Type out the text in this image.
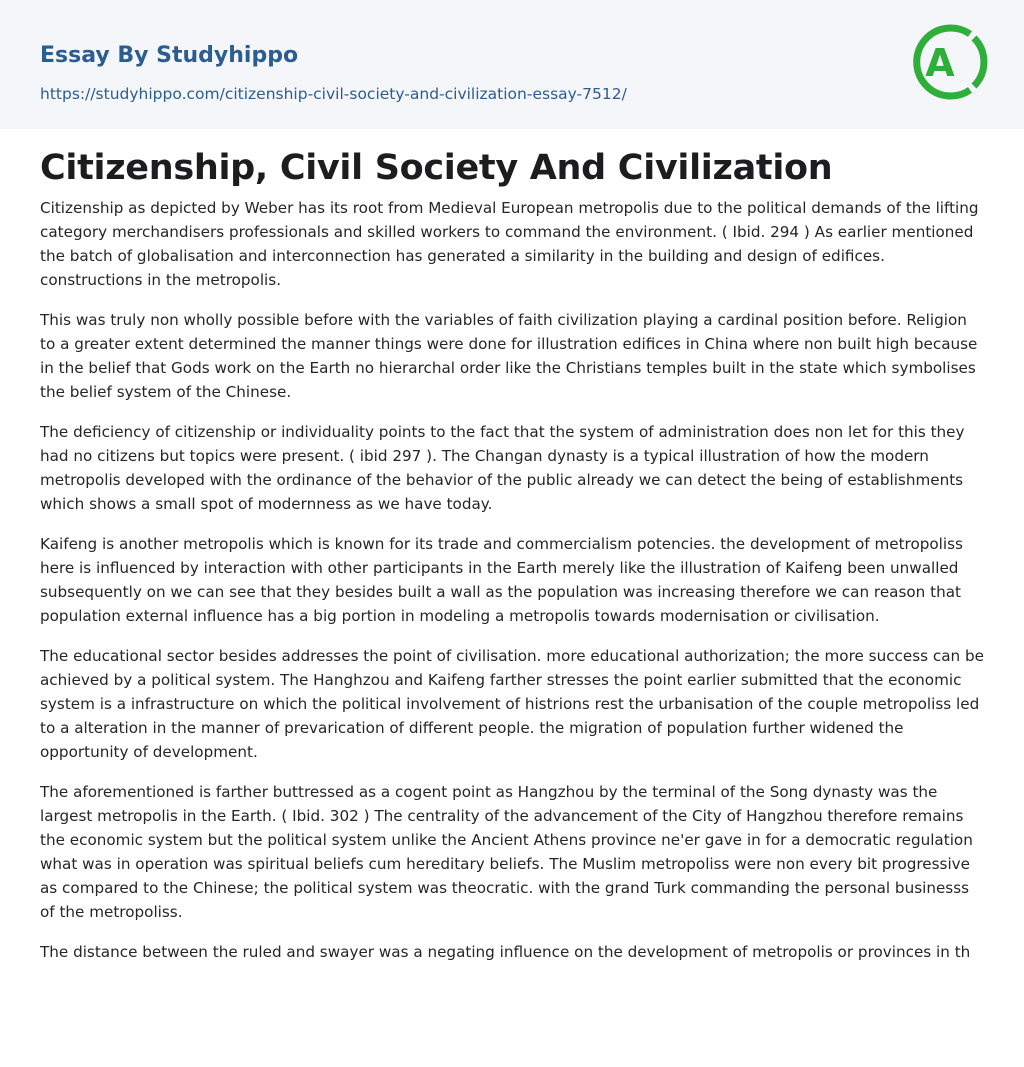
Essay By Studyhippo
https://studyhippo.com/citizenship-civil-society-and-civilization-essay-7512/
A
Citizenship, Civil Society And Civilization

Citizenship as depicted by Weber has its root from Medieval European metropolis due to the political demands of the lifting category merchandisers professionals and skilled workers to command the environment. ( Ibid. 294 ) As earlier mentioned the batch of globalisation and interconnection has generated a similarity in the building and design of edifices. constructions in the metropolis.

This was truly non wholly possible before with the variables of faith civilization playing a cardinal position before. Religion to a greater extent determined the manner things were done for illustration edifices in China where non built high because in the belief that Gods work on the Earth no hierarchal order like the Christians temples built in the state which symbolises the belief system of the Chinese.

The deficiency of citizenship or individuality points to the fact that the system of administration does non let for this they had no citizens but topics were present. ( ibid 297 ). The Changan dynasty is a typical illustration of how the modern metropolis developed with the ordinance of the behavior of the public already we can detect the being of establishments which shows a small spot of modernness as we have today.

Kaifeng is another metropolis which is known for its trade and commercialism potencies. the development of metropoliss here is influenced by interaction with other participants in the Earth merely like the illustration of Kaifeng been unwalled subsequently on we can see that they besides built a wall as the population was increasing therefore we can reason that population external influence has a big portion in modeling a metropolis towards modernisation or civilisation.

The educational sector besides addresses the point of civilisation. more educational authorization; the more success can be achieved by a political system. The Hanghzou and Kaifeng farther stresses the point earlier submitted that the economic system is a infrastructure on which the political involvement of histrions rest the urbanisation of the couple metropoliss led to a alteration in the manner of prevarication of different people. the migration of population further widened the opportunity of development.

The aforementioned is farther buttressed as a cogent point as Hangzhou by the terminal of the Song dynasty was the largest metropolis in the Earth. ( Ibid. 302 ) The centrality of the advancement of the City of Hangzhou therefore remains the economic system but the political system unlike the Ancient Athens province ne'er gave in for a democratic regulation what was in operation was spiritual beliefs cum hereditary beliefs. The Muslim metropoliss were non every bit progressive as compared to the Chinese; the political system was theocratic. with the grand Turk commanding the personal businesss of the metropoliss.

The distance between the ruled and swayer was a negating influence on the development of metropolis or provinces in th
